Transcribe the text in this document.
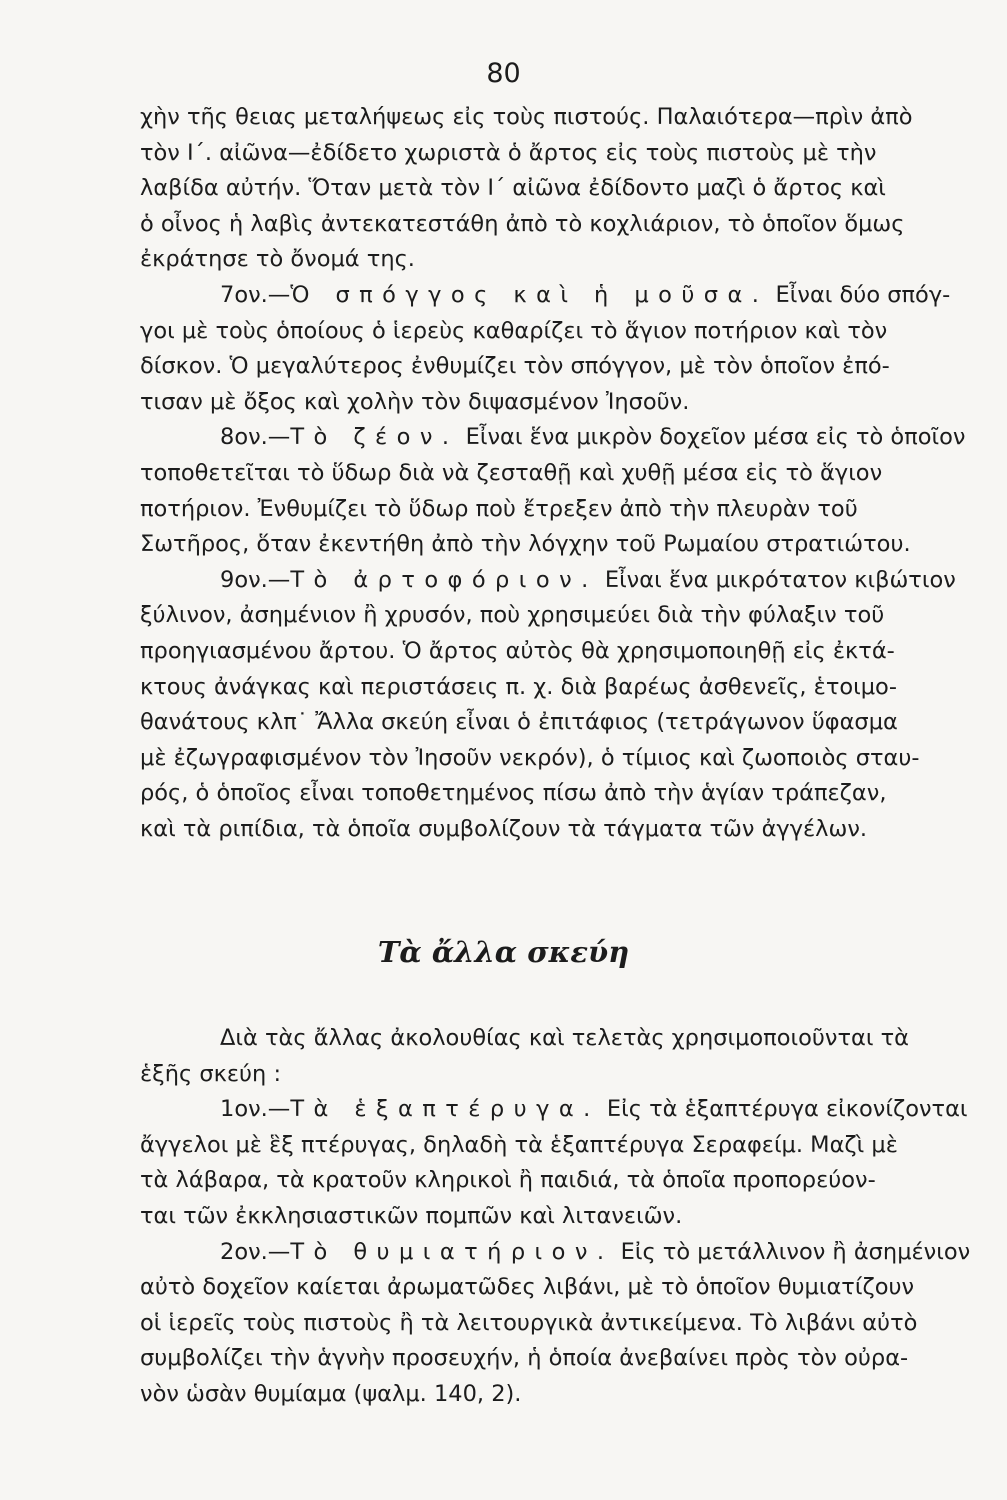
80
χὴν τῆς θειας μεταλήψεως εἰς τοὺς πιστούς. Παλαιότερα—πρὶν ἀπὸ
τὸν Ι΄. αἰῶνα—ἐδίδετο χωριστὰ ὁ ἄρτος εἰς τοὺς πιστοὺς μὲ τὴν
λαβίδα αὐτήν. Ὅταν μετὰ τὸν Ι΄ αἰῶνα ἐδίδοντο μαζὶ ὁ ἄρτος καὶ
ὁ οἶνος ἡ λαβὶς ἀντεκατεστάθη ἀπὸ τὸ κοχλιάριον, τὸ ὁποῖον ὅμως
ἐκράτησε τὸ ὄνομά της.
7ον.—Ὁ σπόγγος καὶ ἡ μοῦσα. Εἶναι δύο σπόγ-
γοι μὲ τοὺς ὁποίους ὁ ἱερεὺς καθαρίζει τὸ ἅγιον ποτήριον καὶ τὸν
δίσκον. Ὁ μεγαλύτερος ἐνθυμίζει τὸν σπόγγον, μὲ τὸν ὁποῖον ἐπό-
τισαν μὲ ὄξος καὶ χολὴν τὸν διψασμένον Ἰησοῦν.
8ον.—Τὸ ζέον. Εἶναι ἕνα μικρὸν δοχεῖον μέσα εἰς τὸ ὁποῖον
τοποθετεῖται τὸ ὕδωρ διὰ νὰ ζεσταθῇ καὶ χυθῇ μέσα εἰς τὸ ἅγιον
ποτήριον. Ἐνθυμίζει τὸ ὕδωρ ποὺ ἔτρεξεν ἀπὸ τὴν πλευρὰν τοῦ
Σωτῆρος, ὅταν ἐκεντήθη ἀπὸ τὴν λόγχην τοῦ Ρωμαίου στρατιώτου.
9ον.—Τὸ ἀρτοφόριον. Εἶναι ἕνα μικρότατον κιβώτιον
ξύλινον, ἀσημένιον ἢ χρυσόν, ποὺ χρησιμεύει διὰ τὴν φύλαξιν τοῦ
προηγιασμένου ἄρτου. Ὁ ἄρτος αὐτὸς θὰ χρησιμοποιηθῇ εἰς ἐκτά-
κτους ἀνάγκας καὶ περιστάσεις π. χ. διὰ βαρέως ἀσθενεῖς, ἑτοιμο-
θανάτους κλπ˙ Ἄλλα σκεύη εἶναι ὁ ἐπιτάφιος (τετράγωνον ὕφασμα
μὲ ἐζωγραφισμένον τὸν Ἰησοῦν νεκρόν), ὁ τίμιος καὶ ζωοποιὸς σταυ-
ρός, ὁ ὁποῖος εἶναι τοποθετημένος πίσω ἀπὸ τὴν ἁγίαν τράπεζαν,
καὶ τὰ ριπίδια, τὰ ὁποῖα συμβολίζουν τὰ τάγματα τῶν ἀγγέλων.
Τὰ ἄλλα σκεύη
Διὰ τὰς ἄλλας ἀκολουθίας καὶ τελετὰς χρησιμοποιοῦνται τὰ
ἑξῆς σκεύη :
1ον.—Τὰ ἑξαπτέρυγα. Εἰς τὰ ἑξαπτέρυγα εἰκονίζονται
ἄγγελοι μὲ ἓξ πτέρυγας, δηλαδὴ τὰ ἑξαπτέρυγα Σεραφείμ. Μαζὶ μὲ
τὰ λάβαρα, τὰ κρατοῦν κληρικοὶ ἢ παιδιά, τὰ ὁποῖα προπορεύον-
ται τῶν ἐκκλησιαστικῶν πομπῶν καὶ λιτανειῶν.
2ον.—Τὸ θυμιατήριον. Εἰς τὸ μετάλλινον ἢ ἀσημένιον
αὐτὸ δοχεῖον καίεται ἀρωματῶδες λιβάνι, μὲ τὸ ὁποῖον θυμιατίζουν
οἱ ἱερεῖς τοὺς πιστοὺς ἢ τὰ λειτουργικὰ ἀντικείμενα. Τὸ λιβάνι αὐτὸ
συμβολίζει τὴν ἁγνὴν προσευχήν, ἡ ὁποία ἀνεβαίνει πρὸς τὸν οὐρα-
νὸν ὡσὰν θυμίαμα (ψαλμ. 140, 2).
